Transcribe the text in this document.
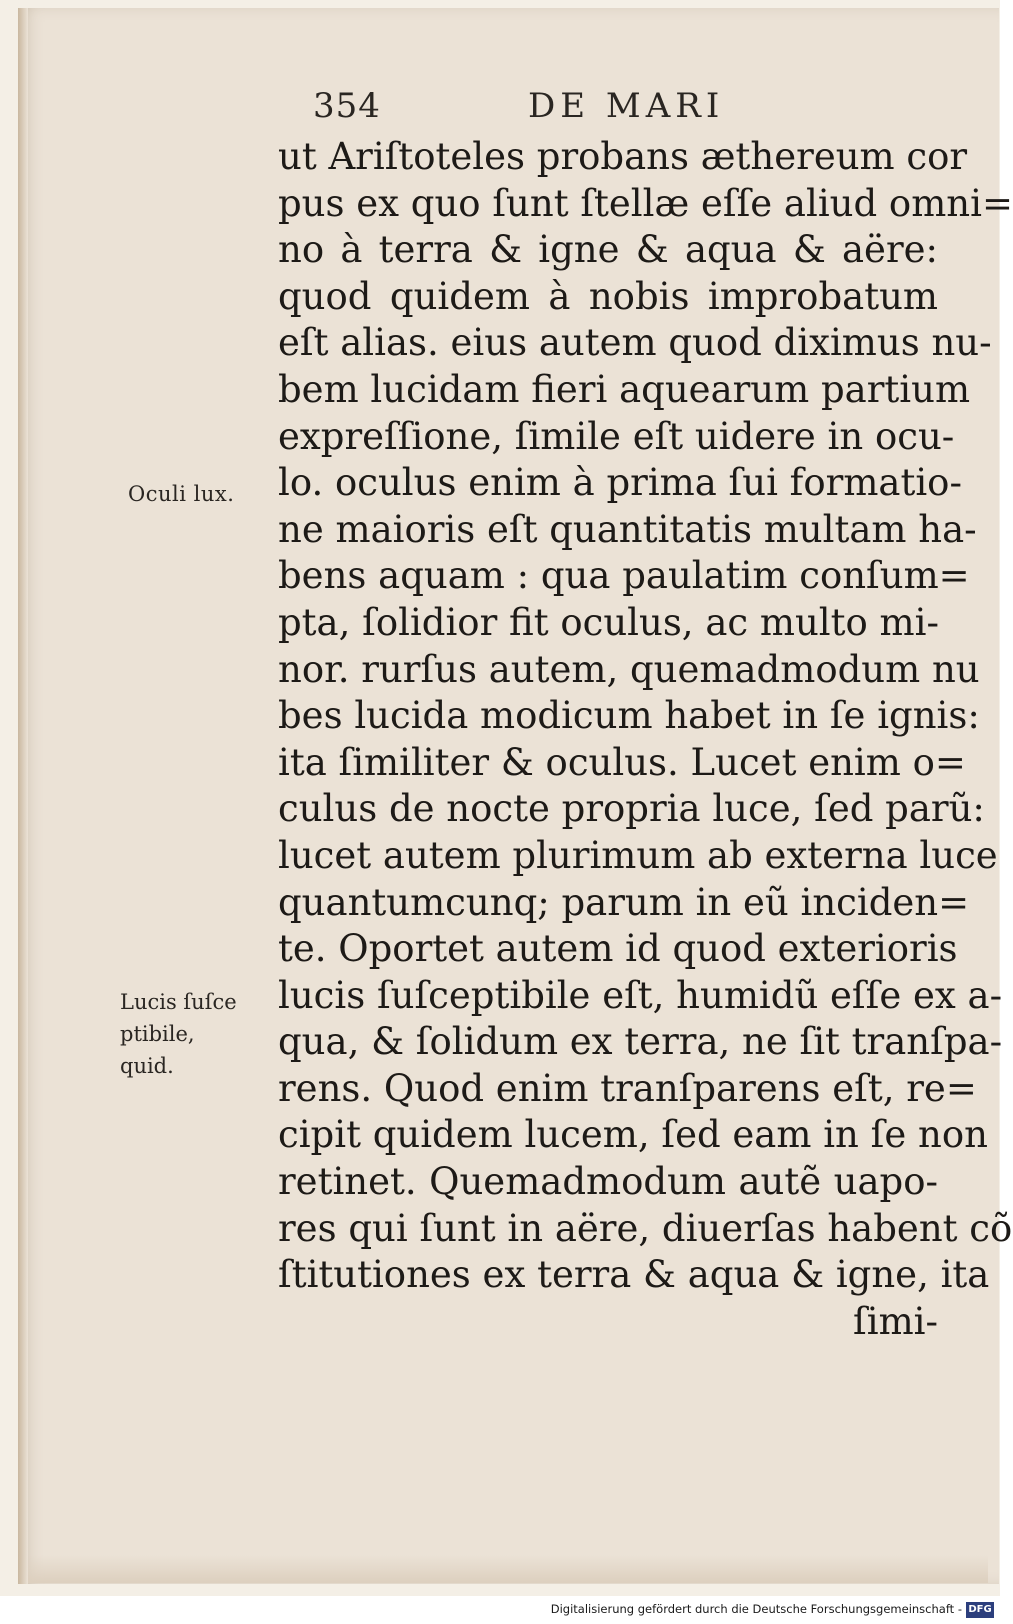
354	DE MARI
ut Ariſtoteles probans æthereum cor
pus ex quo ſunt ſtellæ eſſe aliud omni=
no à terra & igne & aqua & aëre:
quod quidem à nobis improbatum
eſt alias. eius autem quod diximus nu-
bem lucidam fieri aquearum partium
expreſſione, ſimile eſt uidere in ocu-
lo. oculus enim à prima ſui formatio-
ne maioris eſt quantitatis multam ha-
bens aquam : qua paulatim conſum=
pta, ſolidior fit oculus, ac multo mi-
nor. rurſus autem, quemadmodum nu
bes lucida modicum habet in ſe ignis:
ita ſimiliter & oculus. Lucet enim o=
culus de nocte propria luce, ſed parũ:
lucet autem plurimum ab externa luce
quantumcunq; parum in eũ inciden=
te. Oportet autem id quod exterioris
lucis ſuſceptibile eſt, humidũ eſſe ex a-
qua, & ſolidum ex terra, ne ſit tranſpa-
rens. Quod enim tranſparens eſt, re=
cipit quidem lucem, ſed eam in ſe non
retinet. Quemadmodum autẽ uapo-
res qui ſunt in aëre, diuerſas habent cõ
ſtitutiones ex terra & aqua & igne, ita
ſimi-
Oculi lux.
Lucis ſuſce
ptibile,
quid.
Digitalisierung gefördert durch die Deutsche Forschungsgemeinschaft - DFG
